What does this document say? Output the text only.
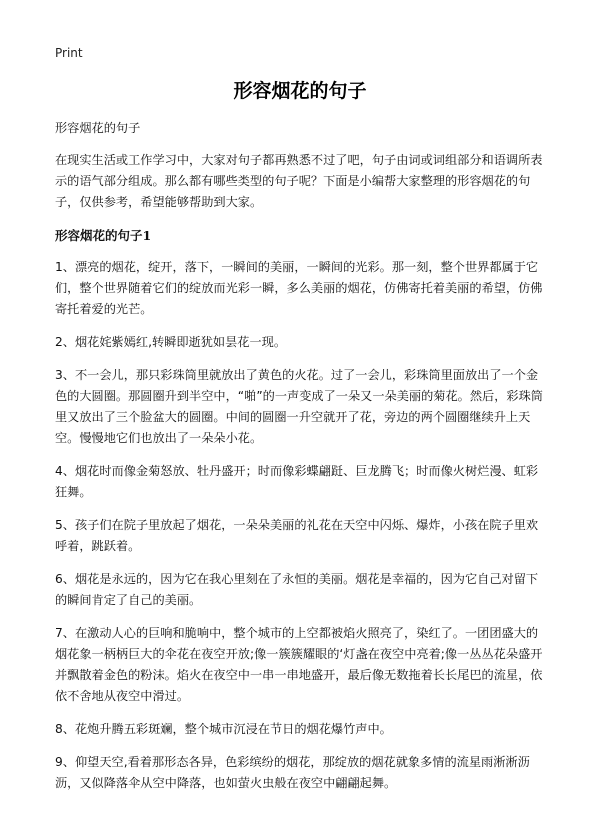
Print
形容烟花的句子

形容烟花的句子

在现实生活或工作学习中，大家对句子都再熟悉不过了吧，句子由词或词组部分和语调所表示的语气部分组成。那么都有哪些类型的句子呢？下面是小编帮大家整理的形容烟花的句子，仅供参考，希望能够帮助到大家。

形容烟花的句子1

1、漂亮的烟花，绽开，落下，一瞬间的美丽，一瞬间的光彩。那一刻，整个世界都属于它们，整个世界随着它们的绽放而光彩一瞬，多么美丽的烟花，仿佛寄托着美丽的希望，仿佛寄托着爱的光芒。

2、烟花姹紫嫣红,转瞬即逝犹如昙花一现。

3、不一会儿，那只彩珠筒里就放出了黄色的火花。过了一会儿，彩珠筒里面放出了一个金色的大圆圈。那圆圈升到半空中，“啪”的一声变成了一朵又一朵美丽的菊花。然后，彩珠筒里又放出了三个脸盆大的圆圈。中间的圆圈一升空就开了花，旁边的两个圆圈继续升上天空。慢慢地它们也放出了一朵朵小花。

4、烟花时而像金菊怒放、牡丹盛开；时而像彩蝶翩跹、巨龙腾飞；时而像火树烂漫、虹彩狂舞。

5、孩子们在院子里放起了烟花，一朵朵美丽的礼花在天空中闪烁、爆炸，小孩在院子里欢呼着，跳跃着。

6、烟花是永远的，因为它在我心里刻在了永恒的美丽。烟花是幸福的，因为它自己对留下的瞬间肯定了自己的美丽。

7、在激动人心的巨响和脆响中，整个城市的上空都被焰火照亮了，染红了。一团团盛大的烟花象一柄柄巨大的伞花在夜空开放;像一簇簇耀眼的‘灯盏在夜空中亮着;像一丛丛花朵盛开并飘散着金色的粉沫。焰火在夜空中一串一串地盛开，最后像无数拖着长长尾巴的流星，依依不舍地从夜空中滑过。

8、花炮升腾五彩斑斓，整个城市沉浸在节日的烟花爆竹声中。

9、仰望天空,看着那形态各异，色彩缤纷的烟花，那绽放的烟花就象多情的流星雨淅淅沥沥，又似降落伞从空中降落，也如萤火虫般在夜空中翩翩起舞。
